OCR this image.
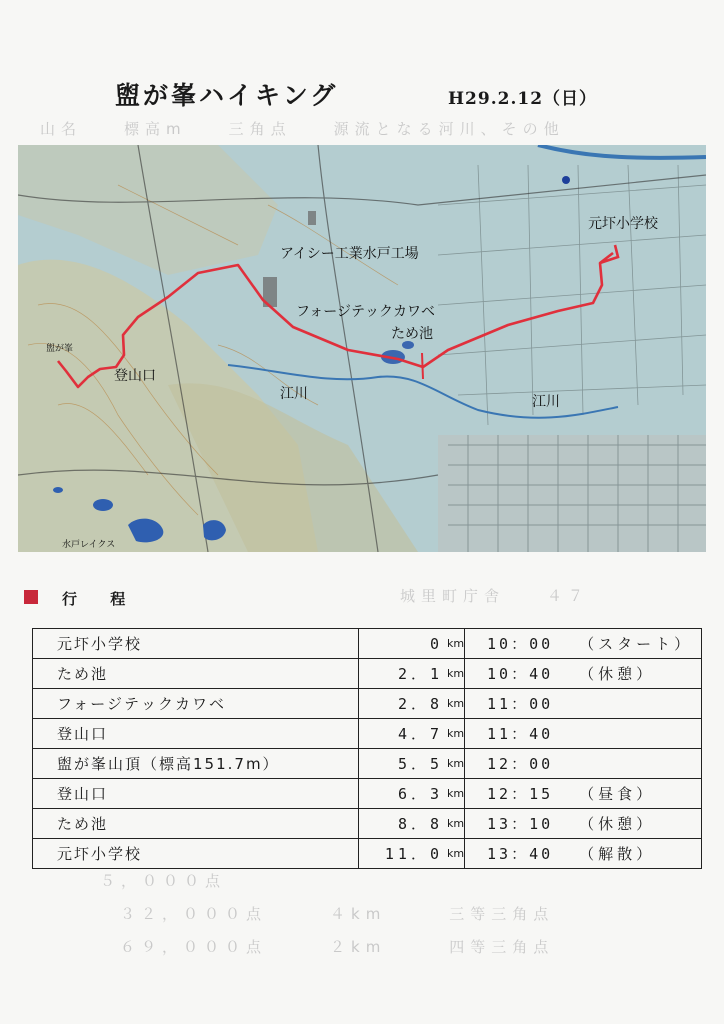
山名　　標高m　　三角点　　源流となる河川、その他
城里町庁舎　　４７
５，０００点
３２，０００点　　　４km　　　三等三角点
６９，０００点　　　２km　　　四等三角点
盥が峯ハイキング	H29.2.12（日）
元圷小学校
アイシー工業水戸工場
フォージテックカワベ
ため池
盥が峯
登山口
江川	江川
水戸レイクス
行 程
元圷小学校	0	km	10：00	（スタート）
ため池	2．1	km	10：40	（休憩）
フォージテックカワベ	2．8	km	11：00	
登山口	4．7	km	11：40	
盥が峯山頂（標高151.7m）	5．5	km	12：00	
登山口	6．3	km	12：15	（昼食）
ため池	8．8	km	13：10	（休憩）
元圷小学校	11．0	km	13：40	（解散）
